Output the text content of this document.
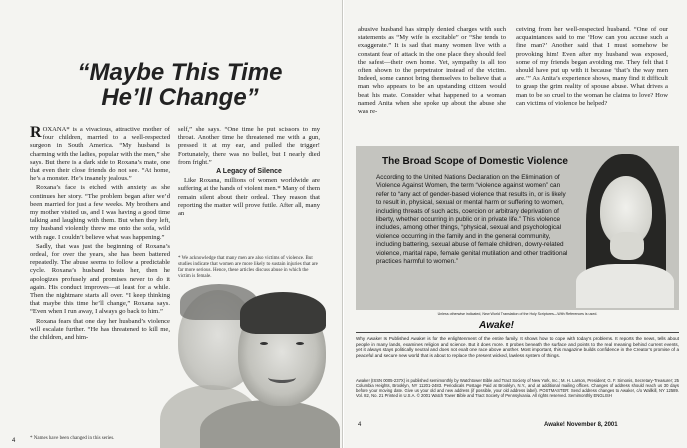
“Maybe This Time
He’ll Change”

ROXANA* is a vivacious, attractive mother of four children, married to a well-respected surgeon in South America. “My husband is charming with the ladies, popular with the men,” she says. But there is a dark side to Roxana’s mate, one that even their close friends do not see. “At home, he’s a monster. He’s insanely jealous.”

Roxana’s face is etched with anxiety as she continues her story. “The problem began after we’d been married for just a few weeks. My brothers and my mother visited us, and I was having a good time talking and laughing with them. But when they left, my husband violently threw me onto the sofa, wild with rage. I couldn’t believe what was happening.”

Sadly, that was just the beginning of Roxana’s ordeal, for over the years, she has been battered repeatedly. The abuse seems to follow a predictable cycle. Roxana’s husband beats her, then he apologizes profusely and promises never to do it again. His conduct improves—at least for a while. Then the nightmare starts all over. “I keep thinking that maybe this time he’ll change,” Roxana says. “Even when I run away, I always go back to him.”

Roxana fears that one day her husband’s violence will escalate further. “He has threatened to kill me, the children, and him-

* Names have been changed in this series.

self,” she says. “One time he put scissors to my throat. Another time he threatened me with a gun, pressed it at my ear, and pulled the trigger! Fortunately, there was no bullet, but I nearly died from fright.”

A Legacy of Silence

Like Roxana, millions of women worldwide are suffering at the hands of violent men.* Many of them remain silent about their ordeal. They reason that reporting the matter will prove futile. After all, many an

* We acknowledge that many men are also victims of violence. But studies indicate that women are more likely to sustain injuries that are far more serious. Hence, these articles discuss abuse in which the victim is female.
4

abusive husband has simply denied charges with such statements as “My wife is excitable” or “She tends to exaggerate.” It is sad that many women live with a constant fear of attack in the one place they should feel the safest—their own home. Yet, sympathy is all too often shown to the perpetrator instead of the victim. Indeed, some cannot bring themselves to believe that a man who appears to be an upstanding citizen would beat his mate. Consider what happened to a woman named Anita when she spoke up about the abuse she was re-

ceiving from her well-respected husband. “One of our acquaintances said to me ‘How can you accuse such a fine man?’ Another said that I must somehow be provoking him! Even after my husband was exposed, some of my friends began avoiding me. They felt that I should have put up with it because ‘that’s the way men are.’” As Anita’s experience shows, many find it difficult to grasp the grim reality of spouse abuse. What drives a man to be so cruel to the woman he claims to love? How can victims of violence be helped?

The Broad Scope of Domestic Violence
According to the United Nations Declaration on the Elimination of Violence Against Women, the term “violence against women” can refer to “any act of gender-based violence that results in, or is likely to result in, physical, sexual or mental harm or suffering to women, including threats of such acts, coercion or arbitrary deprivation of liberty, whether occurring in public or in private life.” This violence includes, among other things, “physical, sexual and psychological violence occurring in the family and in the general community, including battering, sexual abuse of female children, dowry-related violence, marital rape, female genital mutilation and other traditional practices harmful to women.”
Unless otherwise indicated, New World Translation of the Holy Scriptures—With References is used.
Awake!
Why Awake! Is Published Awake! is for the enlightenment of the entire family. It shows how to cope with today’s problems. It reports the news, tells about people in many lands, examines religion and science. But it does more. It probes beneath the surface and points to the real meaning behind current events, yet it always stays politically neutral and does not exalt one race above another. Most important, this magazine builds confidence in the Creator’s promise of a peaceful and secure new world that is about to replace the present wicked, lawless system of things.
Awake! (ISSN 0005-237X) is published semimonthly by Watchtower Bible and Tract Society of New York, Inc.; M. H. Larson, President; G. F. Simonis, Secretary-Treasurer; 25 Columbia Heights, Brooklyn, NY 11201-2483. Periodicals Postage Paid at Brooklyn, N.Y., and at additional mailing offices. Changes of address should reach us 30 days before your moving date. Give us your old and new address (if possible, your old address label). POSTMASTER: Send address changes to Awake!, c/o Wallkill, NY 12589. Vol. 82, No. 21 Printed in U.S.A. © 2001 Watch Tower Bible and Tract Society of Pennsylvania. All rights reserved. Semimonthly ENGLISH
4	Awake! November 8, 2001
